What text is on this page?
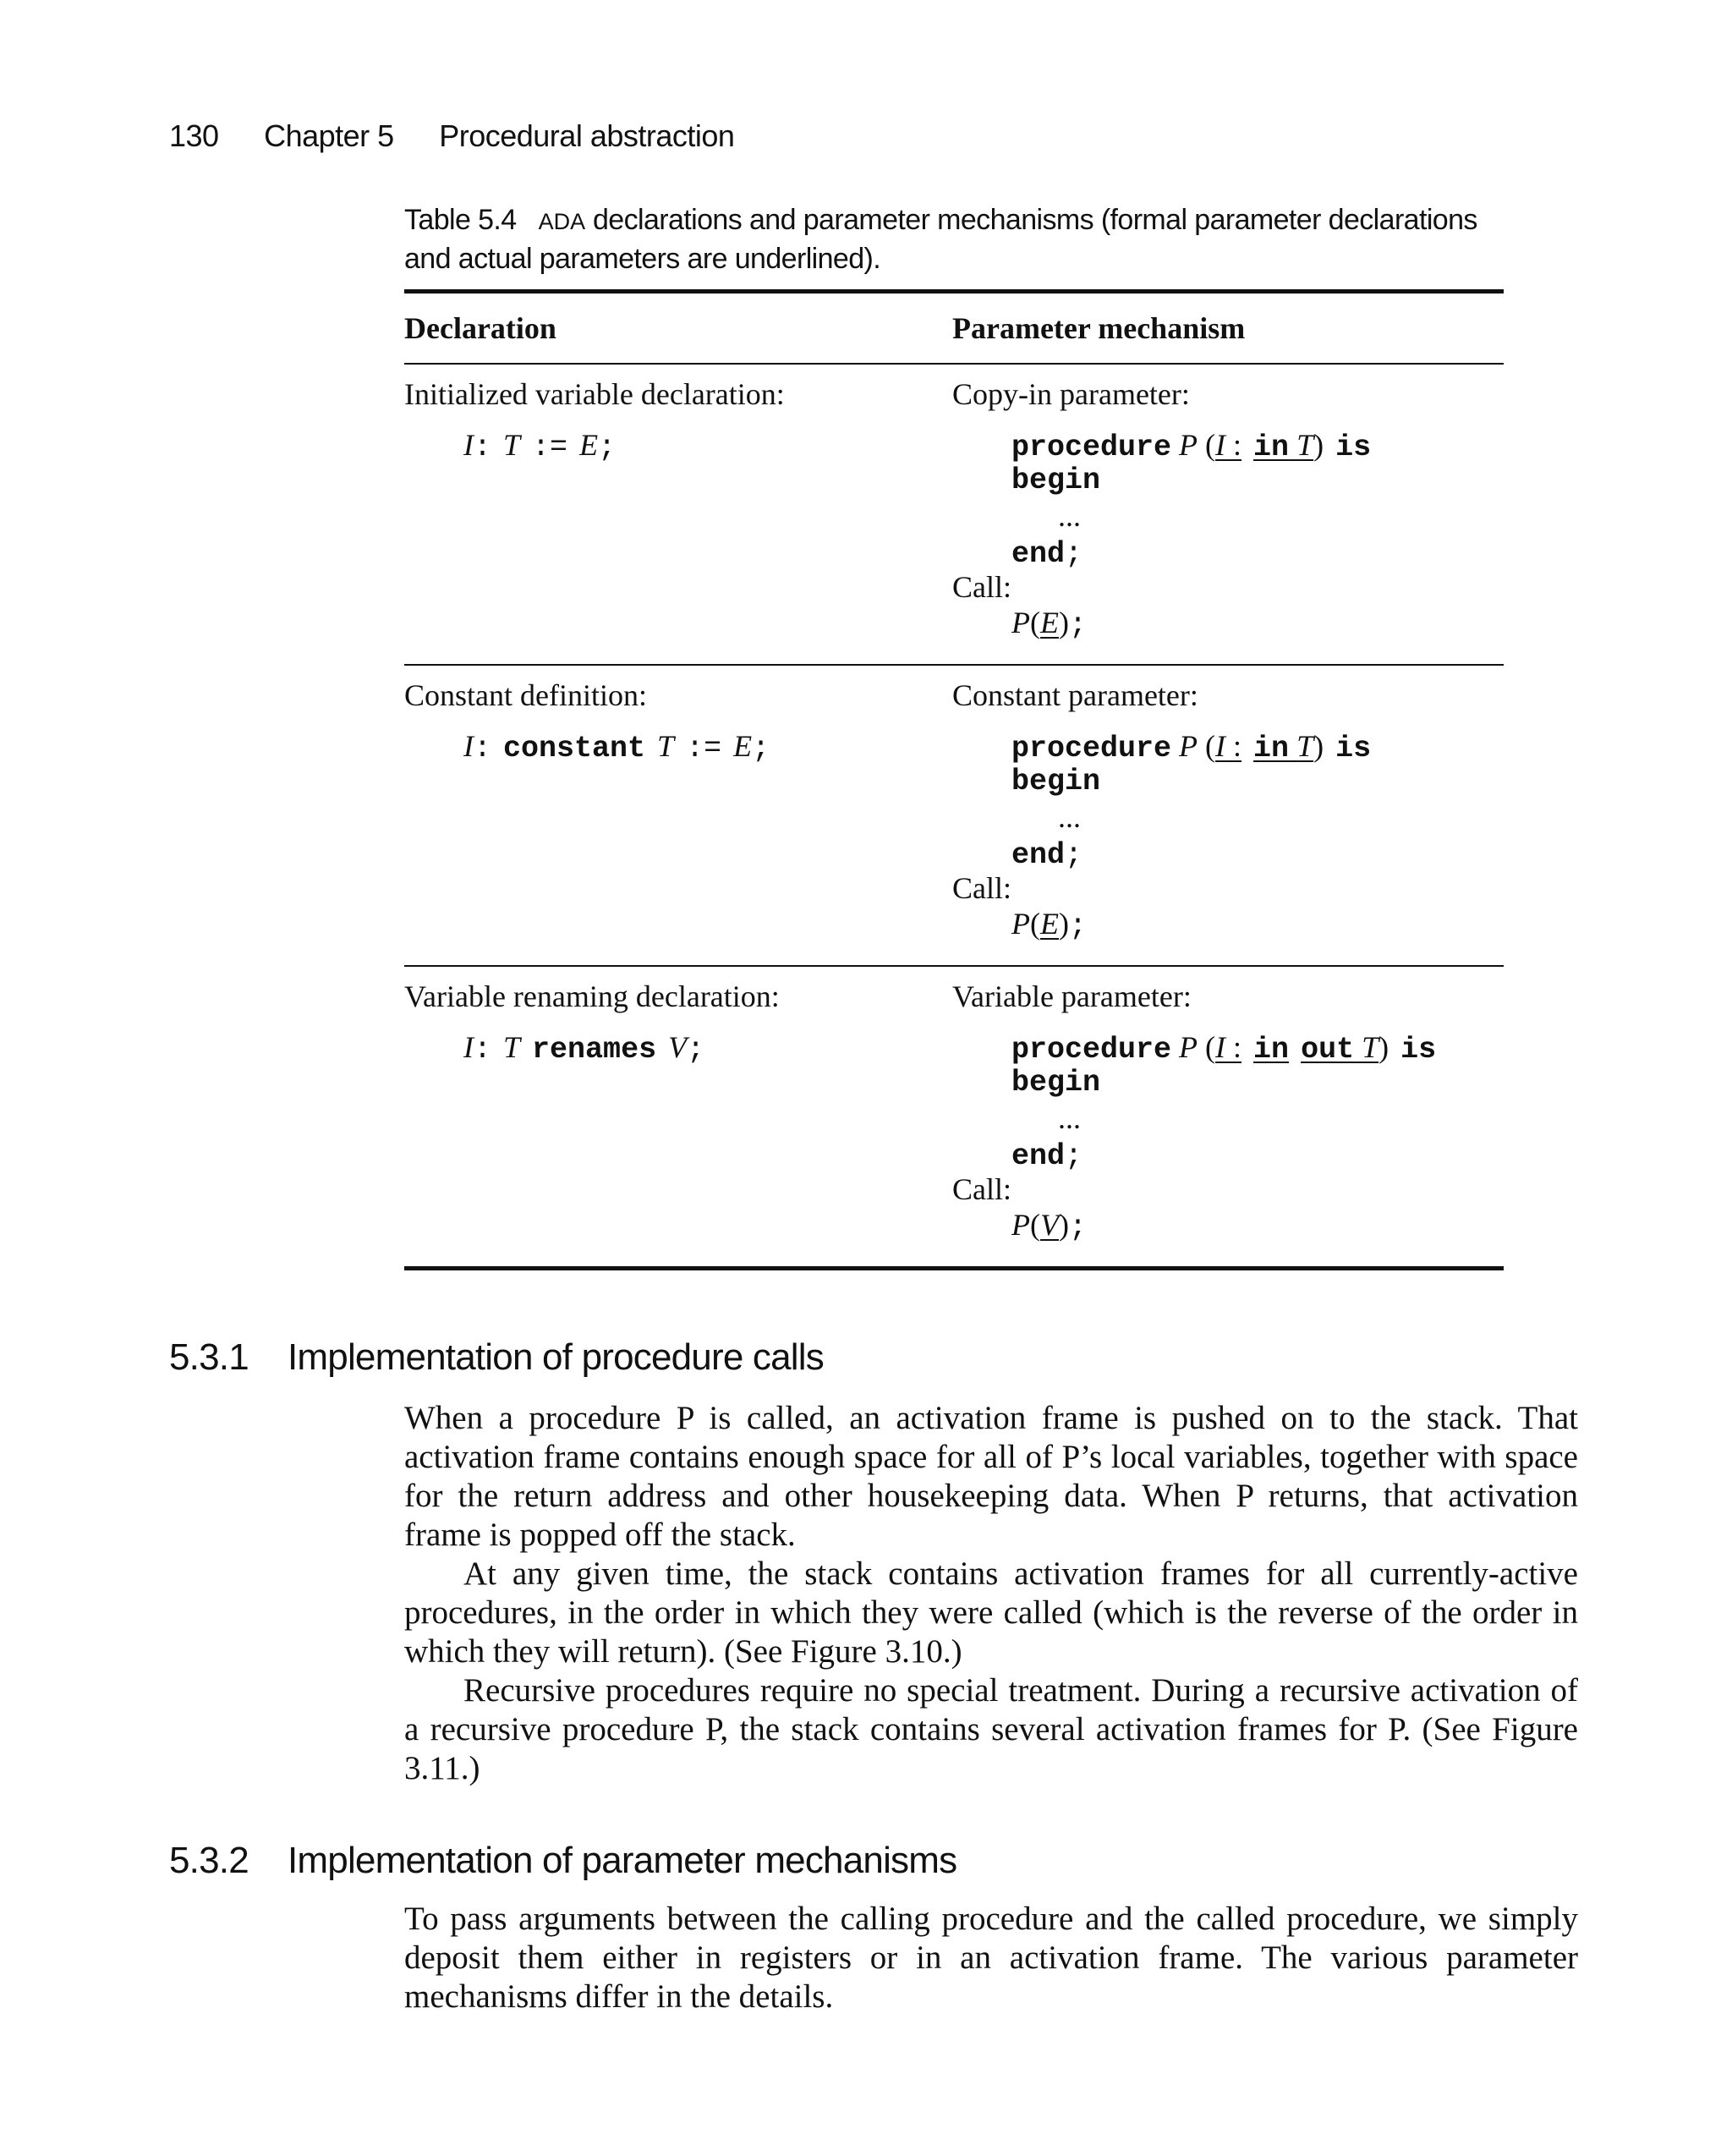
130 Chapter 5 Procedural abstraction
Table 5.4 ADA declarations and parameter mechanisms (formal parameter declarations and actual parameters are underlined).
Declaration	Parameter mechanism
Initialized variable declaration:
I: T := E;
Copy-in parameter:
procedure P (I : in T) is
begin
...
end;
Call:
P(E);
Constant definition:
I: constant T := E;
Constant parameter:
procedure P (I : in T) is
begin
...
end;
Call:
P(E);
Variable renaming declaration:
I: T renames V;
Variable parameter:
procedure P (I : in out T) is
begin
...
end;
Call:
P(V);
5.3.1 Implementation of procedure calls

When a procedure P is called, an activation frame is pushed on to the stack. That activation frame contains enough space for all of P’s local variables, together with space for the return address and other housekeeping data. When P returns, that activation frame is popped off the stack.

At any given time, the stack contains activation frames for all currently-active procedures, in the order in which they were called (which is the reverse of the order in which they will return). (See Figure 3.10.)

Recursive procedures require no special treatment. During a recursive activation of a recursive procedure P, the stack contains several activation frames for P. (See Figure 3.11.)

5.3.2 Implementation of parameter mechanisms

To pass arguments between the calling procedure and the called procedure, we simply deposit them either in registers or in an activation frame. The various parameter mechanisms differ in the details.
